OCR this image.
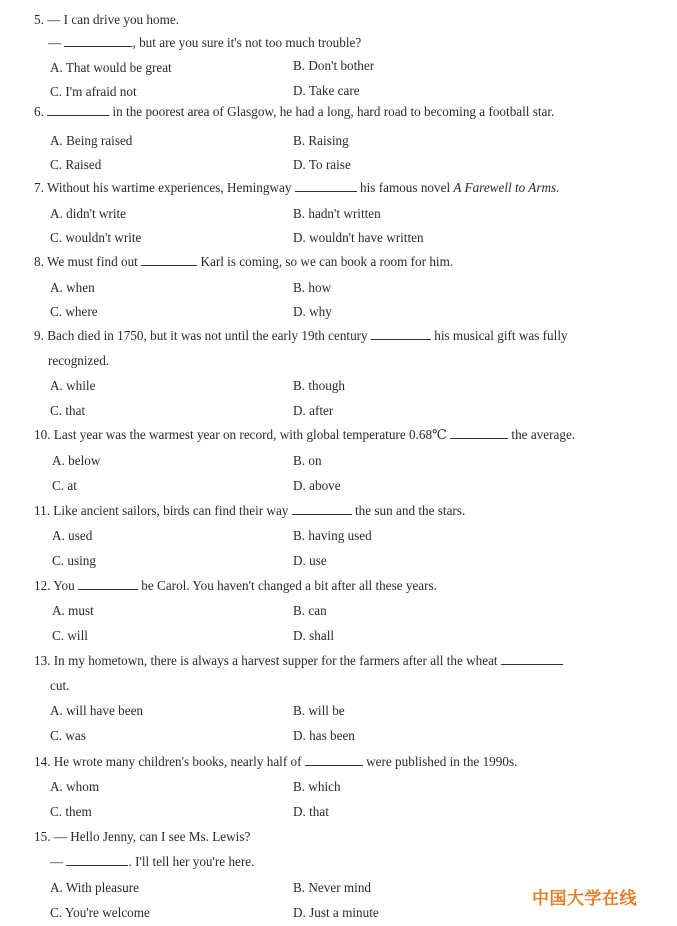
5. — I can drive you home.
—	, but are you sure it's not too much trouble?
A. That would be great	B. Don't bother
C. I'm afraid not	D. Take care
6.	in the poorest area of Glasgow, he had a long, hard road to becoming a football star.
A. Being raised	B. Raising
C. Raised	D. To raise
7. Without his wartime experiences, Hemingway	his famous novel A Farewell to Arms.
A. didn't write	B. hadn't written
C. wouldn't write	D. wouldn't have written
8. We must find out	Karl is coming, so we can book a room for him.
A. when	B. how
C. where	D. why
9. Bach died in 1750, but it was not until the early 19th century	his musical gift was fully
recognized.
A. while	B. though
C. that	D. after
10. Last year was the warmest year on record, with global temperature 0.68℃	the average.
A. below	B. on
C. at	D. above
11. Like ancient sailors, birds can find their way	the sun and the stars.
A. used	B. having used
C. using	D. use
12. You	be Carol. You haven't changed a bit after all these years.
A. must	B. can
C. will	D. shall
13. In my hometown, there is always a harvest supper for the farmers after all the wheat
cut.
A. will have been	B. will be
C. was	D. has been
14. He wrote many children's books, nearly half of	were published in the 1990s.
A. whom	B. which
C. them	D. that
15. — Hello Jenny, can I see Ms. Lewis?
—	. I'll tell her you're here.
A. With pleasure	B. Never mind
C. You're welcome	D. Just a minute
中国大学在线
